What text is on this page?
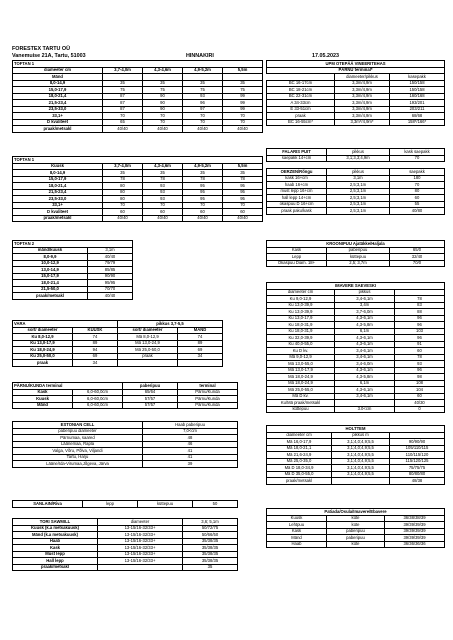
FORESTEX TARTU OÜ
Vanemuise 21A, Tartu, 51003	HINNAKIRI	17.05.2023
TOFTAN 1				
diameeter cm	3,7-4,0m	4,3-4,6m	4,9-5,2m	5,5m
Mänd				
8,0-14,9	35	35	35	35
15,0-17,9	75	75	75	75
18,0-21,4	87	90	93	99
21,5-23,4	87	90	96	99
23,5-33,0	87	90	97	99
33,1+	70	70	70	70
D kvaliteet	65	70	70	70
praak/metsakl	40/40	40/40	40/40	40/40
TOFTAN 1				
Kuusk	3,7-4,0m	4,3-4,6m	4,9-5,2m	5,5m
8,0-14,9	35	35	35	35
15,0-17,9	78	78	78	78
18,0-21,4	80	93	95	95
21,5-23,4	80	93	95	95
23,5-33,0	80	93	95	95
33,1+	70	70	70	70
D kvaliteet	60	60	60	60
praak/metsakl	40/40	40/40	40/40	40/40
TOFTAN 2	
mänd/kuusk	3,1m
8,0-9,9	40/40
10,0-12,9	79/79
13,0-14,9	85/85
15,0-17,9	90/90
18,0-21,4	95/95
21,5-50,0	70/70
praak/metsakl	40/40
VARA		pikkus 3,7-5,5	
sort/ diameeter	KUUSK	sort/ diameeter	MÄND
Ku 8,0-12,9	74	Mä 8,0-12,9	74
Ku 13,0-17,9	89	Mä 13,0-24,9	89
Ku 18,0-24,9	94	Mä 25,0-50,0	69
Ku 25,0-50,0	69	praak	34
praak	34		
PÄRNU/KUNDA terminal		paberipuu	terminal
Kask	6,0-60,0cm	65/64	Pärnu/Kunda
Kuusk	6,0-60,0cm	57/57	Pärnu/Kunda
Mänd	6,0-60,0cm	57/57	Pärnu/Kunda
ESTONIAN CELL	Haab paberipuu
paberipuu diameeter	7,0<cm
Pärnumaa, saared	48
Läänemaa, Rapla	46
Valga, Võru, Põlva, Viljandi	41
Tartu, Harju	41
Lääne/Ida-Virumaa,Jõgeva, Järva	39
SANLAIN/Riva	lepp	küttepuu	50
TORI SAWMILL	diameeter	3,6; 5,1m
Kuusk (k.a metsakuusk)	13-15/16-32/33+	50/72/75
Mänd (k.a metsakuusk)	13-15/16-32/33+	50/66/50
Haab	13-15/16-32/33+	35/38/35
Kask	13-15/16-32/33+	35/38/35
Must lepp	13-15/16-32/33+	35/38/35
Hall lepp	13-15/16-32/33+	35/38/35
praak/metsakl		35
UPM OTEPÄÄ VINEERITEHAS		
PÄRNU terminal*		
	diameeter/pikkus	kasepakk
BC 16-17cm	3,3m/4,9m	150/158
BC 18-21cm	3,3m/4,9m	150/158
BC 22-31cm	3,3m/4,9m	160/168
A 34-33cm	3,3m/4,9m	193/201
E 33-51cm	3,3m/4,9m	203/211
praak	3,3m/4,9m	68/68
BC 16-55cm*	3,3m*/4,9m*	158*/166*
FALARIS PUIT	pikkus	kask saepakk
saepakk 14+cm	3,1;3,3;4,9m	70
OERZEN/Rõngu	pikkus	saepakk
kask 16+cm	3,1m	180
haab 16+cm	2,5;3,1m	70
must lepp 16+cm	2,5;3,1m	80
hall lepp 14+cm	2,5;3,1m	60
okaspuu D 16+cm	2,5;3,1m	55
praak paku/kask	2,5;3,1m	40/80
KROONIPUU Ajatäkke/Haljala		
Kask	paberipuu	65/0
Lepp	küttepuu	32/40
Okaspuu Diam. 18+	2,5; 3,7m	70/0
IMAVERE SAEVESKI		
diameeter cm	pikkus	
Ku 9,0-12,9	3,4-6,1m	78
Ku 13,0-39,9	3,4m	83
Ku 13,0-39,9	3,7-6,0m	88
Ku 13,0-17,9	4,3-6,1m	96
Ku 18,0-31,9	4,3-5,8m	96
Ku 18,0-31,9	6,1m	103
Ku 32,0-39,9	4,3-6,1m	96
Ku 40,0-55,0	4,3-6,1m	91
Ku D kv.	3,4-6,1m	60
Mä 9,0-12,9	3,4-6,1m	78
Mä 13,0-55,0	3,4-6,0m	93
Mä 13,0-17,9	4,3-6,1m	96
Mä 18,0-24,9	4,3-5,8m	98
Mä 18,0-24,9	6,1m	108
Mä 25,0-55,0	4,3-6,1m	104
Mä D kv.	3,4-6,1m	60
Ku/Mä praak/metsakl		40/30
küttepuu	3.0<cm	0
HOLTTEM		
diameeter cm	pikkus m	
Mä 16,0-17,9	3,1;4,0;4,9;5,5	90/90/90
Mä 18,0-21,1	3,1;4,0;4,9;5,5	105/110/115
Mä 21,6-24,9	3,1;4,0;4,9;5,5	110/115/120
Mä 25,0-35,0	3,1;4,0;4,9;5,5	115/120/125
Mä D 18,0-34,9	3,1;4,0;4,9;5,5	75/75/75
Mä D 35,0-55,0	3,1;4,0;4,9;5,5	80/80/80
praak/metsakl		48/38
Patiada/Osula/Imavere/Ebavere		
Kuusk	küte	36/38/38/39
Lehtpuu	küte	39/39/39/39
Kask	paberipuu	39/39/39/39
Mänd	paberipuu	39/39/39/39
Haab	küte	36/36/36/36
